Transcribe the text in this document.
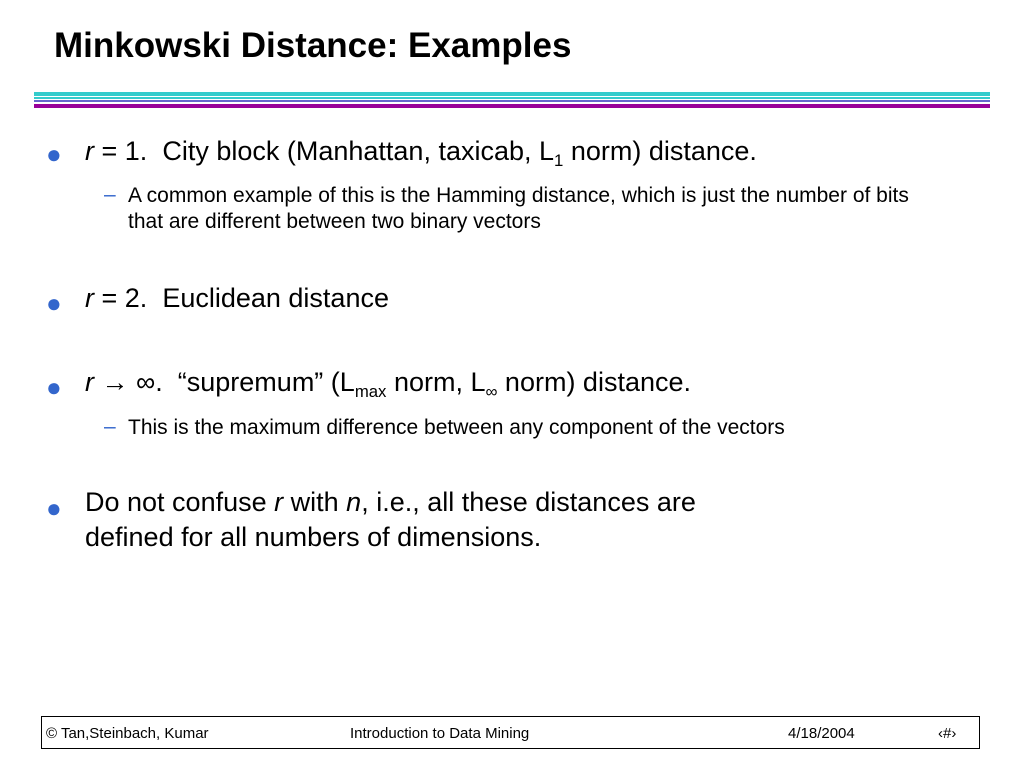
Minkowski Distance: Examples
● r = 1. City block (Manhattan, taxicab, $L_1$ norm) distance.
– A common example of this is the Hamming distance, which is just the number of bits that are different between two binary vectors
● r = 2. Euclidean distance
● r → ∞. “supremum” ($L_{max}$ norm, $L_\infty$ norm) distance.
– This is the maximum difference between any component of the vectors
● Do not confuse r with n, i.e., all these distances are
defined for all numbers of dimensions.
© Tan,Steinbach, Kumar	Introduction to Data Mining	4/18/2004	‹#›
